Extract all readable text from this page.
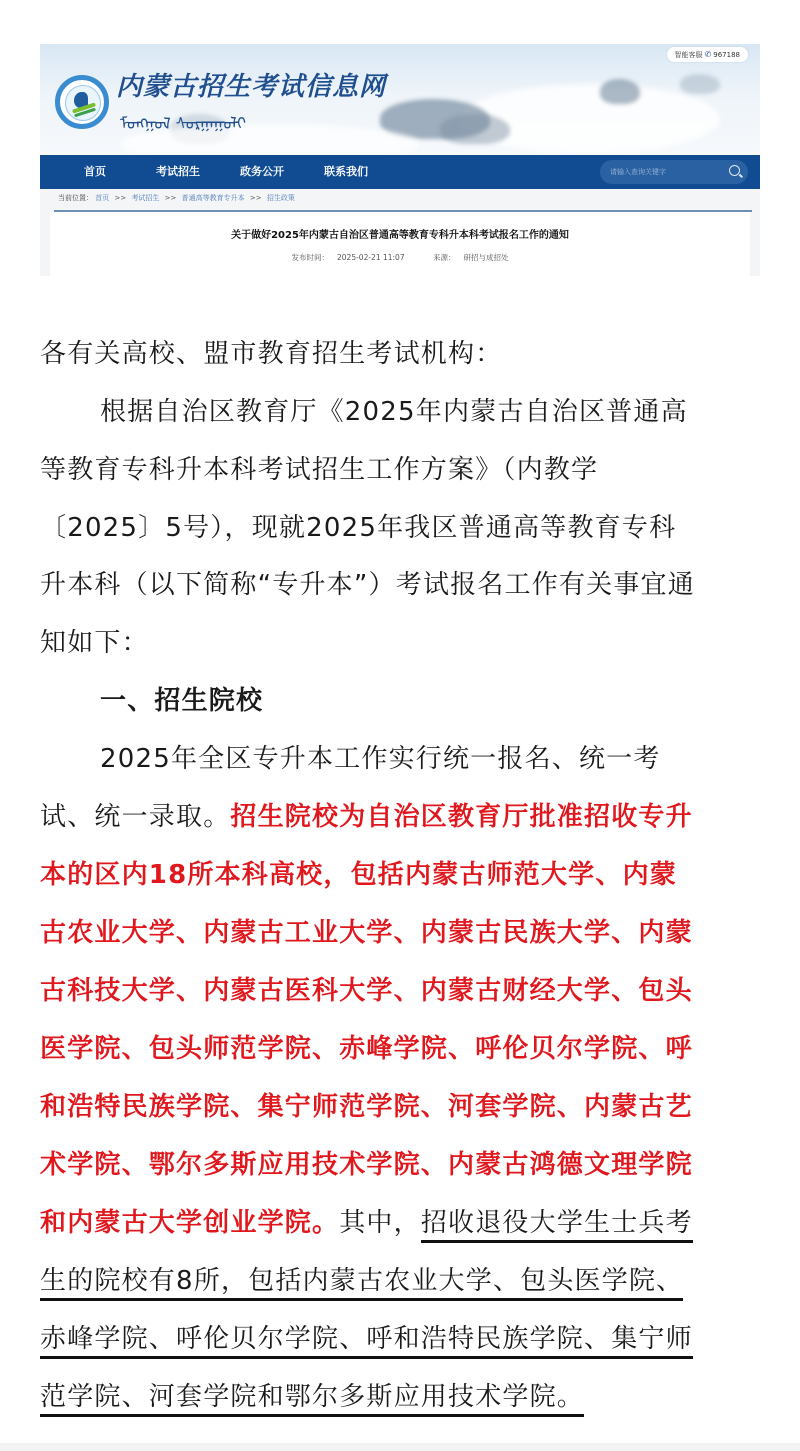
内蒙古招生考试信息网
ᠮᠣᠩᠭᠣᠯ ᠰᠤᠷᠭᠠᠭᠤᠯᠢ
智能客服 ✆ 967188
首页	考试招生	政务公开	联系我们
请输入查询关键字
当前位置： 首页 >> 考试招生 >> 普通高等教育专升本 >> 招生政策
关于做好2025年内蒙古自治区普通高等教育专科升本科考试报名工作的通知
发布时间： 2025-02-21 11:07	来源： 研招与成招处
各有关高校、盟市教育招生考试机构：
根据自治区教育厅《2025年内蒙古自治区普通高
等教育专科升本科考试招生工作方案》（内教学
〔2025〕5号），现就2025年我区普通高等教育专科
升本科（以下简称“专升本”）考试报名工作有关事宜通
知如下：
一、招生院校
2025年全区专升本工作实行统一报名、统一考
试、统一录取。招生院校为自治区教育厅批准招收专升
本的区内18所本科高校，包括内蒙古师范大学、内蒙
古农业大学、内蒙古工业大学、内蒙古民族大学、内蒙
古科技大学、内蒙古医科大学、内蒙古财经大学、包头
医学院、包头师范学院、赤峰学院、呼伦贝尔学院、呼
和浩特民族学院、集宁师范学院、河套学院、内蒙古艺
术学院、鄂尔多斯应用技术学院、内蒙古鸿德文理学院
和内蒙古大学创业学院。其中，招收退役大学生士兵考
生的院校有8所，包括内蒙古农业大学、包头医学院、
赤峰学院、呼伦贝尔学院、呼和浩特民族学院、集宁师
范学院、河套学院和鄂尔多斯应用技术学院。
